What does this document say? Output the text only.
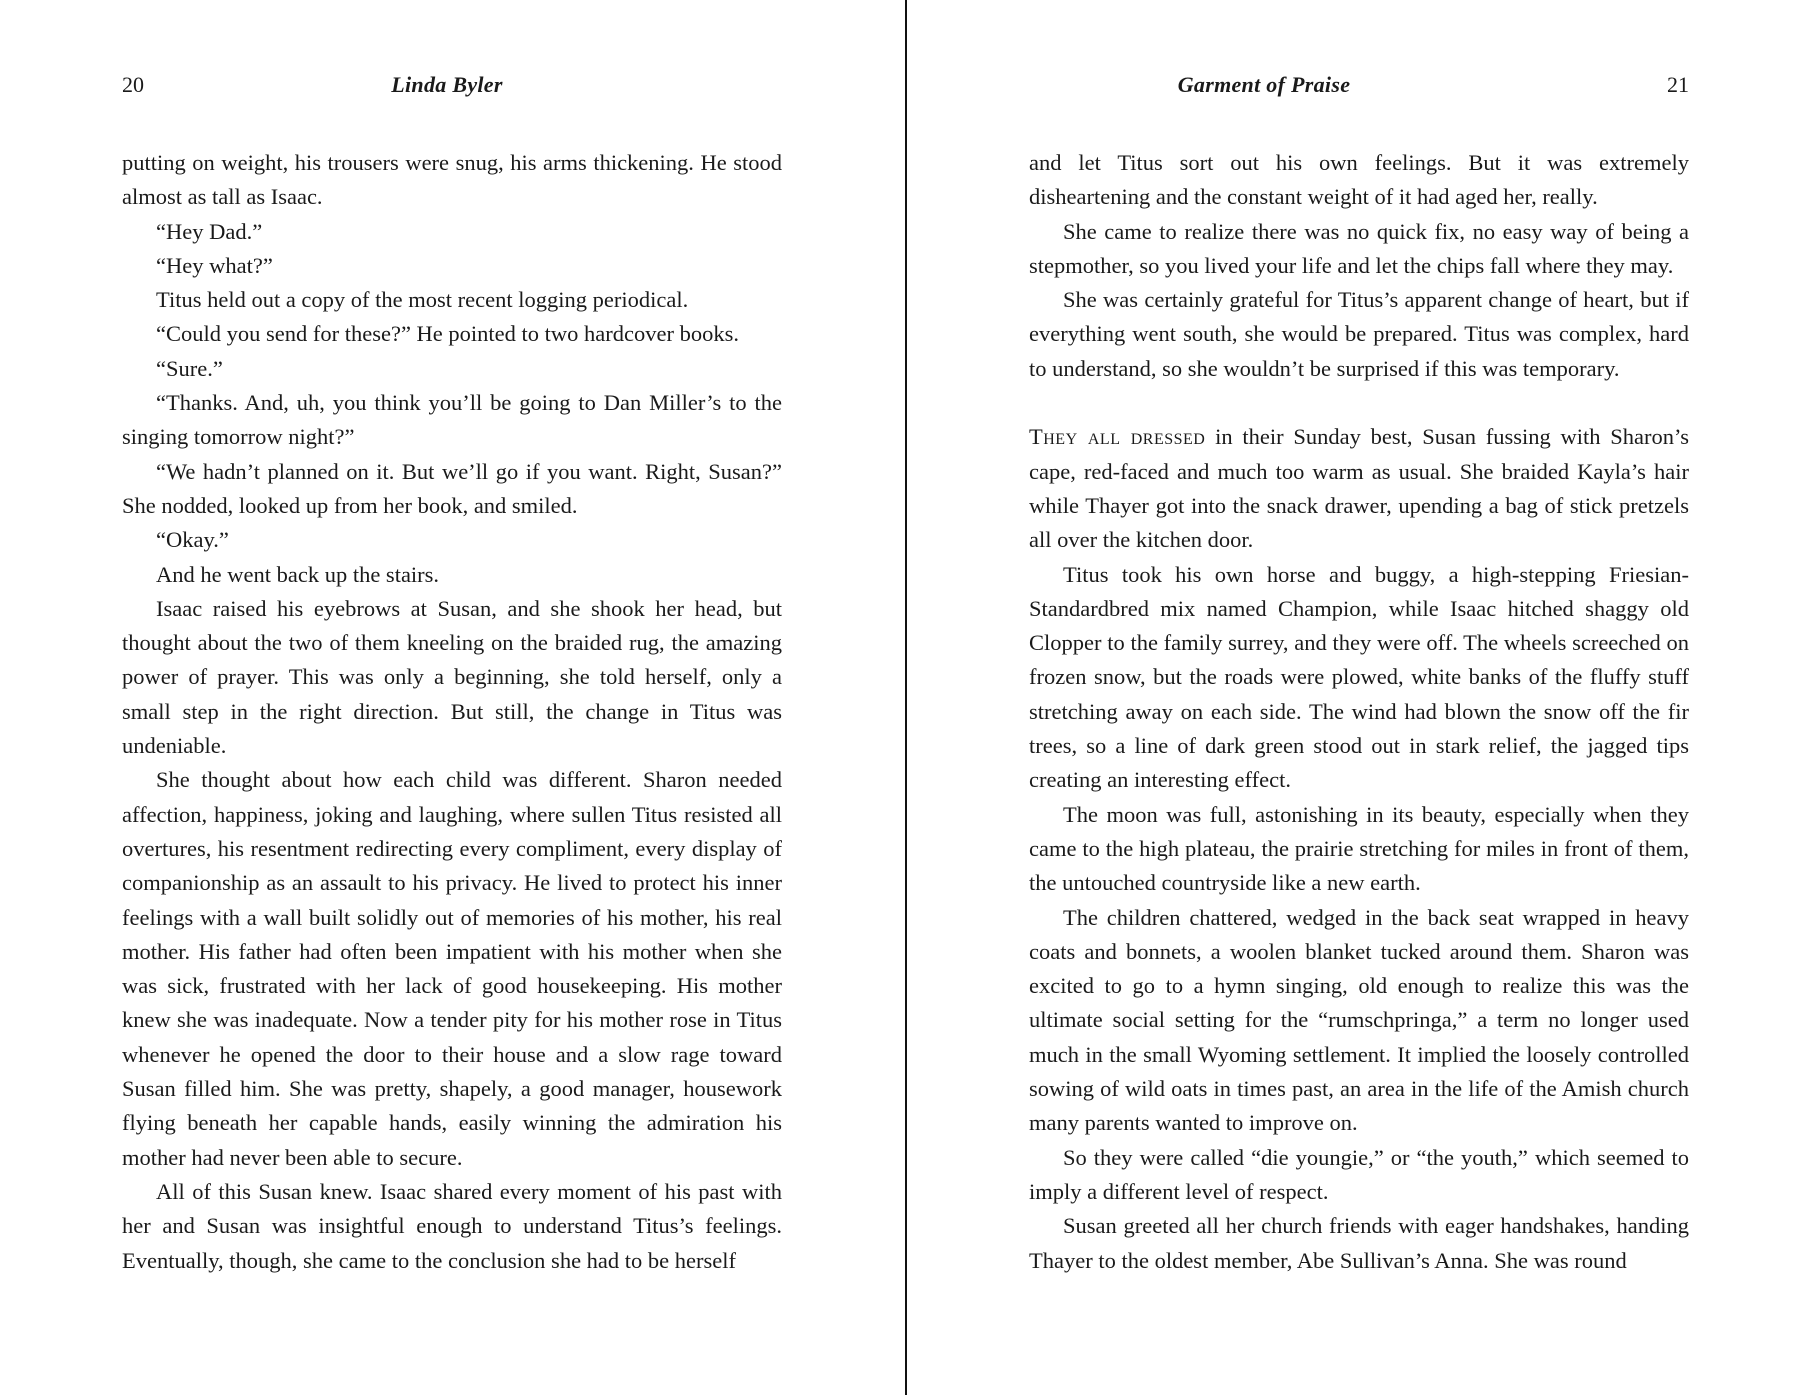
20	Linda Byler

putting on weight, his trousers were snug, his arms thickening. He stood almost as tall as Isaac.

“Hey Dad.”

“Hey what?”

Titus held out a copy of the most recent logging periodical.

“Could you send for these?” He pointed to two hardcover books.

“Sure.”

“Thanks. And, uh, you think you’ll be going to Dan Miller’s to the singing tomorrow night?”

“We hadn’t planned on it. But we’ll go if you want. Right, Susan?” She nodded, looked up from her book, and smiled.

“Okay.”

And he went back up the stairs.

Isaac raised his eyebrows at Susan, and she shook her head, but thought about the two of them kneeling on the braided rug, the amazing power of prayer. This was only a beginning, she told herself, only a small step in the right direction. But still, the change in Titus was undeniable.

She thought about how each child was different. Sharon needed affection, happiness, joking and laughing, where sullen Titus resisted all overtures, his resentment redirecting every compliment, every display of companionship as an assault to his privacy. He lived to protect his inner feelings with a wall built solidly out of memories of his mother, his real mother. His father had often been impatient with his mother when she was sick, frustrated with her lack of good housekeeping. His mother knew she was inadequate. Now a tender pity for his mother rose in Titus whenever he opened the door to their house and a slow rage toward Susan filled him. She was pretty, shapely, a good manager, housework flying beneath her capable hands, easily winning the admiration his mother had never been able to secure.

All of this Susan knew. Isaac shared every moment of his past with her and Susan was insightful enough to understand Titus’s feelings. Eventually, though, she came to the conclusion she had to be herself

Garment of Praise	21

and let Titus sort out his own feelings. But it was extremely disheartening and the constant weight of it had aged her, really.

She came to realize there was no quick fix, no easy way of being a stepmother, so you lived your life and let the chips fall where they may.

She was certainly grateful for Titus’s apparent change of heart, but if everything went south, she would be prepared. Titus was complex, hard to understand, so she wouldn’t be surprised if this was temporary.

They all dressed in their Sunday best, Susan fussing with Sharon’s cape, red-faced and much too warm as usual. She braided Kayla’s hair while Thayer got into the snack drawer, upending a bag of stick pretzels all over the kitchen door.

Titus took his own horse and buggy, a high-stepping Friesian-Standardbred mix named Champion, while Isaac hitched shaggy old Clopper to the family surrey, and they were off. The wheels screeched on frozen snow, but the roads were plowed, white banks of the fluffy stuff stretching away on each side. The wind had blown the snow off the fir trees, so a line of dark green stood out in stark relief, the jagged tips creating an interesting effect.

The moon was full, astonishing in its beauty, especially when they came to the high plateau, the prairie stretching for miles in front of them, the untouched countryside like a new earth.

The children chattered, wedged in the back seat wrapped in heavy coats and bonnets, a woolen blanket tucked around them. Sharon was excited to go to a hymn singing, old enough to realize this was the ultimate social setting for the “rumschpringa,” a term no longer used much in the small Wyoming settlement. It implied the loosely controlled sowing of wild oats in times past, an area in the life of the Amish church many parents wanted to improve on.

So they were called “die youngie,” or “the youth,” which seemed to imply a different level of respect.

Susan greeted all her church friends with eager handshakes, handing Thayer to the oldest member, Abe Sullivan’s Anna. She was round
